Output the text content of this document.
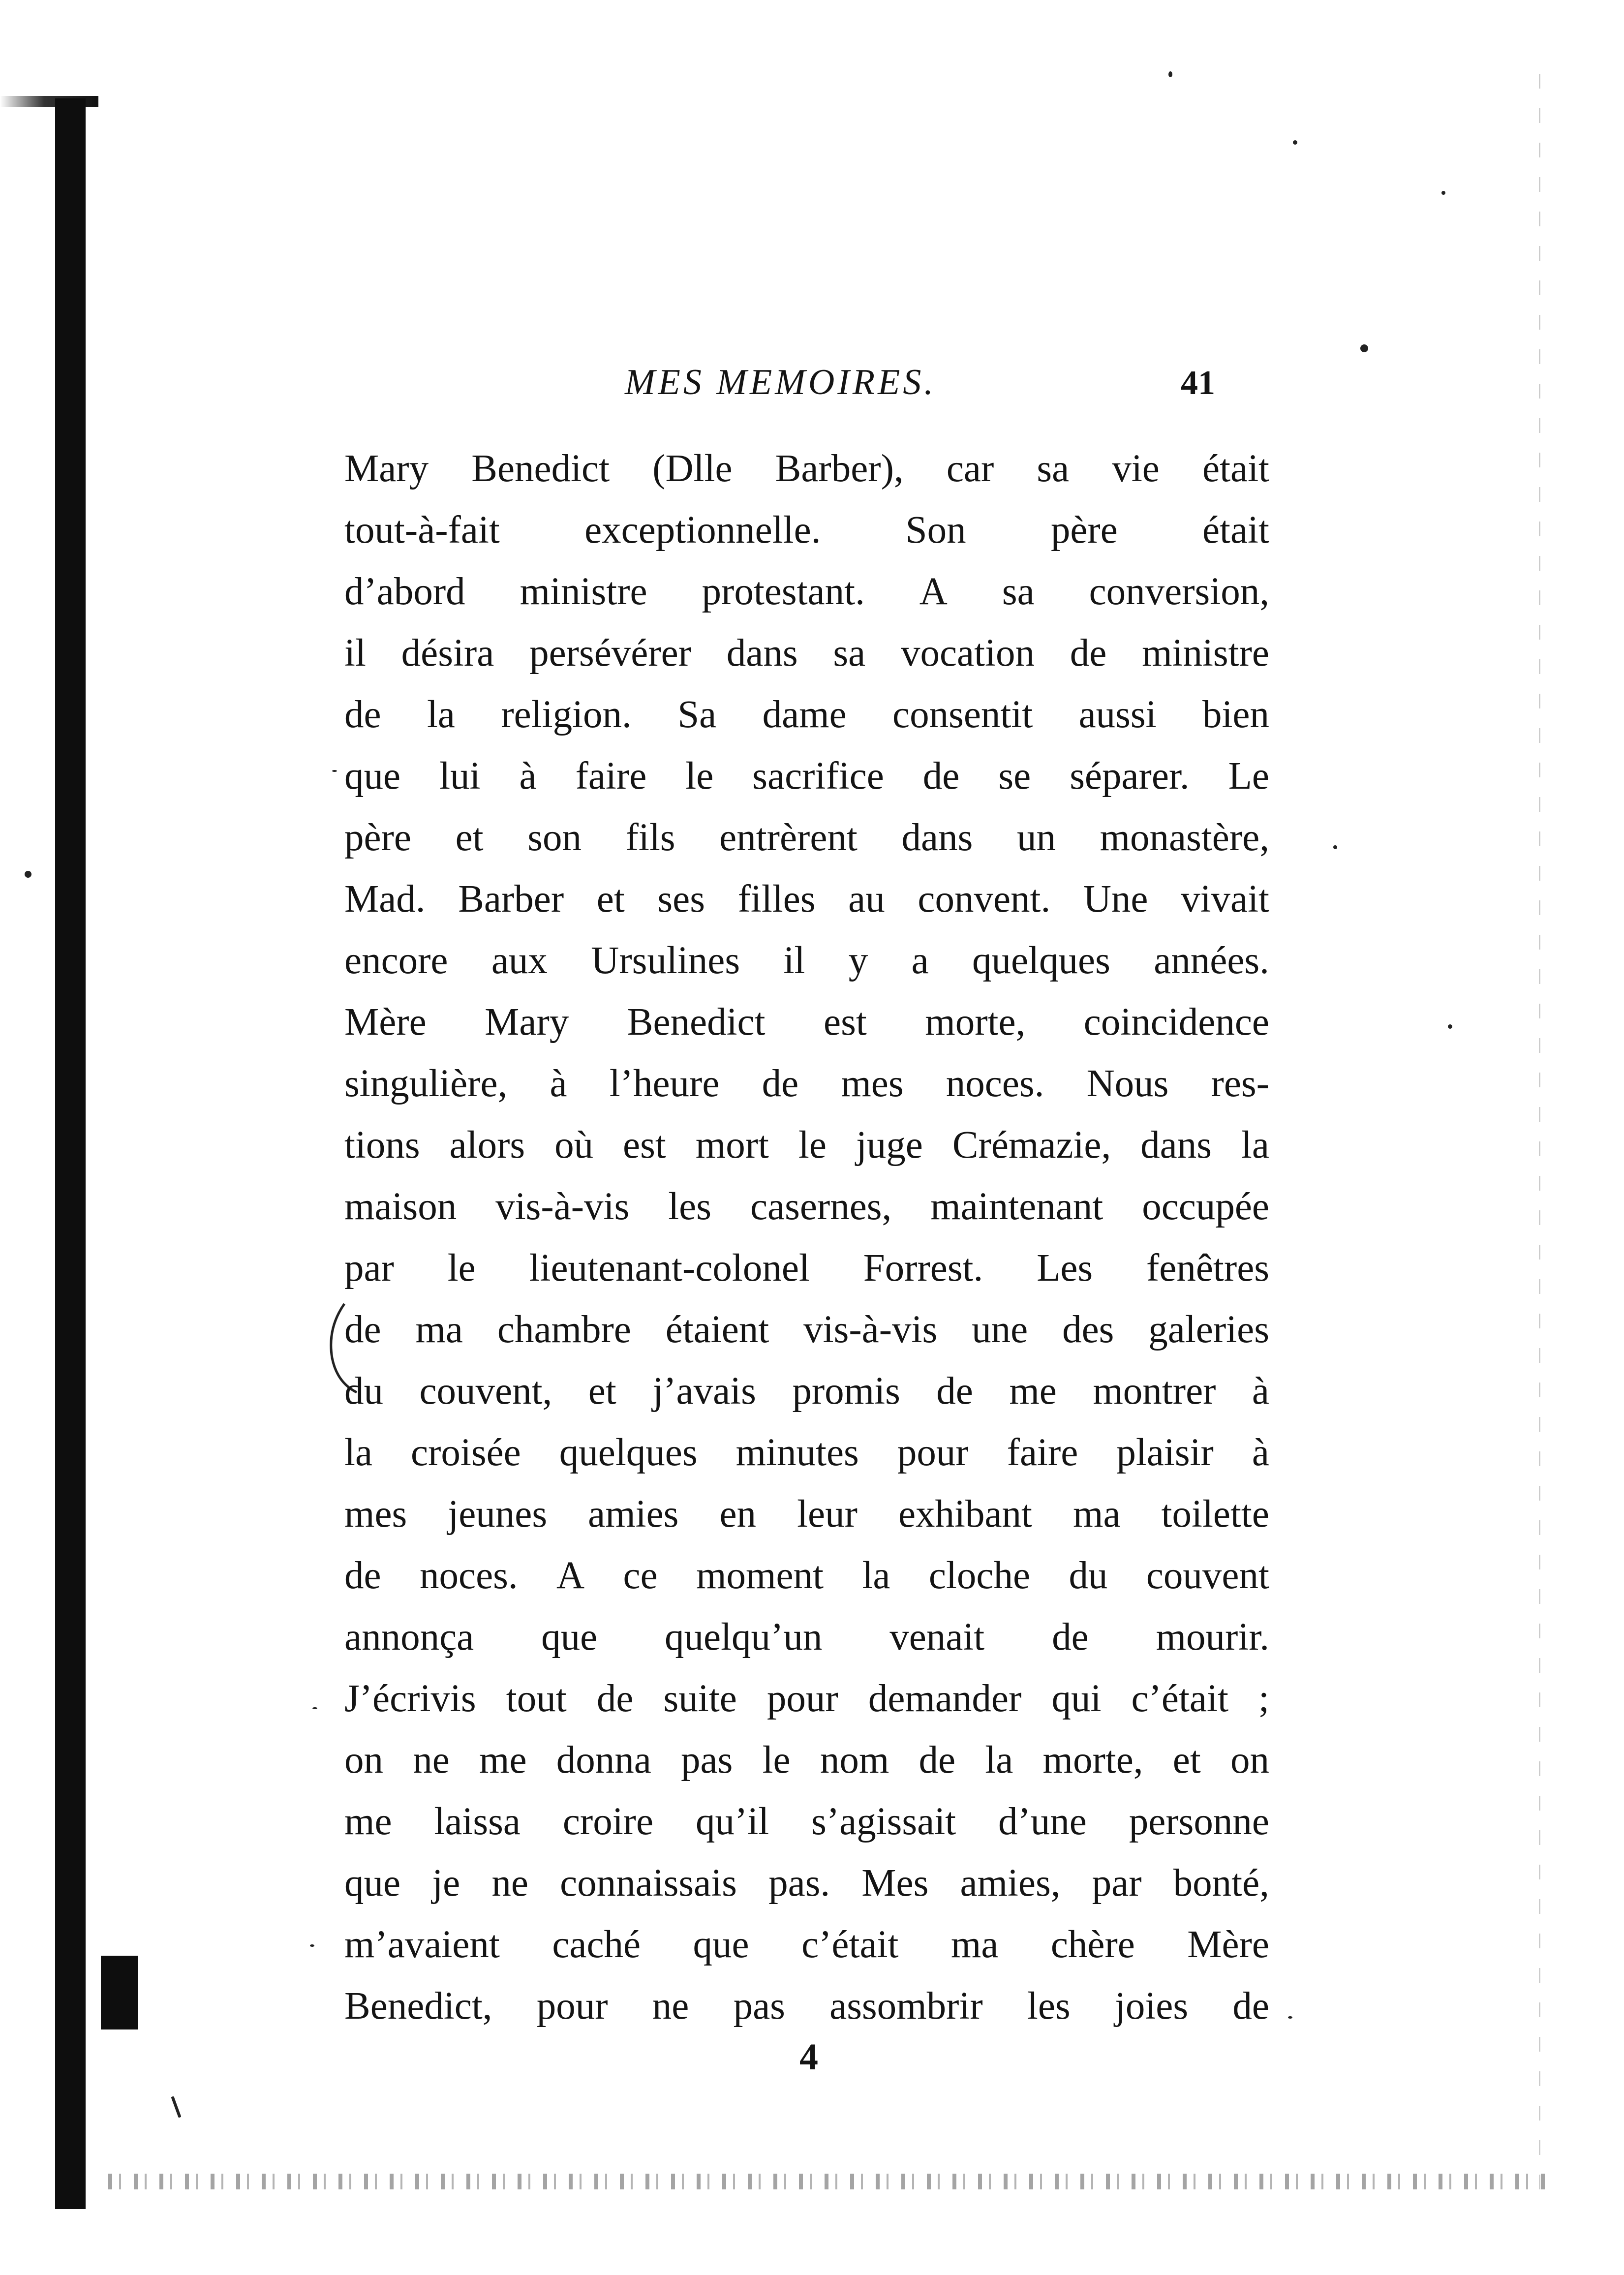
MES MEMOIRES.	41
Mary Benedict (Dlle Barber), car sa vie était
tout-à-fait exceptionnelle. Son père était
d’abord ministre protestant. A sa conversion,
il désira persévérer dans sa vocation de ministre
de la religion. Sa dame consentit aussi bien
que lui à faire le sacrifice de se séparer. Le
père et son fils entrèrent dans un monastère,
Mad. Barber et ses filles au convent. Une vivait
encore aux Ursulines il y a quelques années.
Mère Mary Benedict est morte, coincidence
singulière, à l’heure de mes noces. Nous res-
tions alors où est mort le juge Crémazie, dans la
maison vis-à-vis les casernes, maintenant occupée
par le lieutenant-colonel Forrest. Les fenêtres
de ma chambre étaient vis-à-vis une des galeries
du couvent, et j’avais promis de me montrer à
la croisée quelques minutes pour faire plaisir à
mes jeunes amies en leur exhibant ma toilette
de noces. A ce moment la cloche du couvent
annonça que quelqu’un venait de mourir.
J’écrivis tout de suite pour demander qui c’était ;
on ne me donna pas le nom de la morte, et on
me laissa croire qu’il s’agissait d’une personne
que je ne connaissais pas. Mes amies, par bonté,
m’avaient caché que c’était ma chère Mère
Benedict, pour ne pas assombrir les joies de
4
